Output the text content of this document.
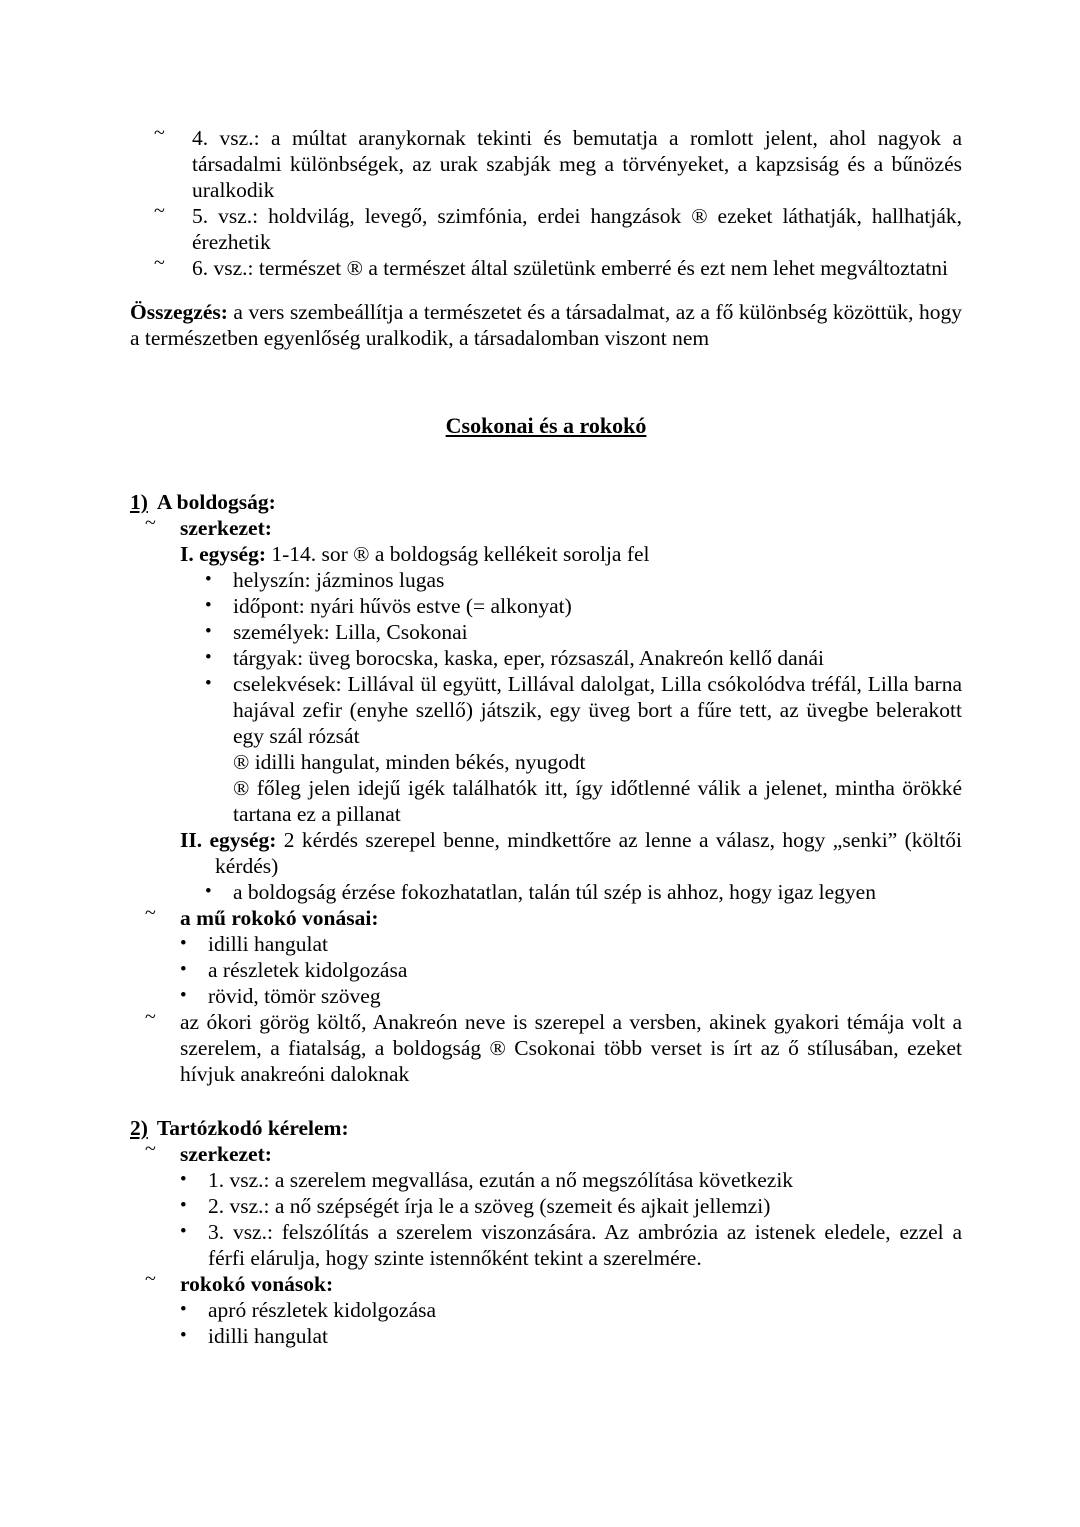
~ 4. vsz.: a múltat aranykornak tekinti és bemutatja a romlott jelent, ahol nagyok a társadalmi különbségek, az urak szabják meg a törvényeket, a kapzsiság és a bűnözés uralkodik
~ 5. vsz.: holdvilág, levegő, szimfónia, erdei hangzások ® ezeket láthatják, hallhatják, érezhetik
~ 6. vsz.: természet ® a természet által születünk emberré és ezt nem lehet megváltoztatni
Összegzés: a vers szembeállítja a természetet és a társadalmat, az a fő különbség közöttük, hogy a természetben egyenlőség uralkodik, a társadalomban viszont nem
Csokonai és a rokokó
1) A boldogság:
~ szerkezet:
I. egység: 1-14. sor ® a boldogság kellékeit sorolja fel
• helyszín: jázminos lugas
• időpont: nyári hűvös estve (= alkonyat)
• személyek: Lilla, Csokonai
• tárgyak: üveg borocska, kaska, eper, rózsaszál, Anakreón kellő danái
• cselekvések: Lillával ül együtt, Lillával dalolgat, Lilla csókolódva tréfál, Lilla barna hajával zefir (enyhe szellő) játszik, egy üveg bort a fűre tett, az üvegbe belerakott egy szál rózsát
® idilli hangulat, minden békés, nyugodt
® főleg jelen idejű igék találhatók itt, így időtlenné válik a jelenet, mintha örökké tartana ez a pillanat
II. egység: 2 kérdés szerepel benne, mindkettőre az lenne a válasz, hogy „senki” (költői kérdés)
• a boldogság érzése fokozhatatlan, talán túl szép is ahhoz, hogy igaz legyen
~ a mű rokokó vonásai:
• idilli hangulat
• a részletek kidolgozása
• rövid, tömör szöveg
~ az ókori görög költő, Anakreón neve is szerepel a versben, akinek gyakori témája volt a szerelem, a fiatalság, a boldogság ® Csokonai több verset is írt az ő stílusában, ezeket hívjuk anakreóni daloknak
2) Tartózkodó kérelem:
~ szerkezet:
• 1. vsz.: a szerelem megvallása, ezután a nő megszólítása következik
• 2. vsz.: a nő szépségét írja le a szöveg (szemeit és ajkait jellemzi)
• 3. vsz.: felszólítás a szerelem viszonzására. Az ambrózia az istenek eledele, ezzel a férfi elárulja, hogy szinte istennőként tekint a szerelmére.
~ rokokó vonások:
• apró részletek kidolgozása
• idilli hangulat
